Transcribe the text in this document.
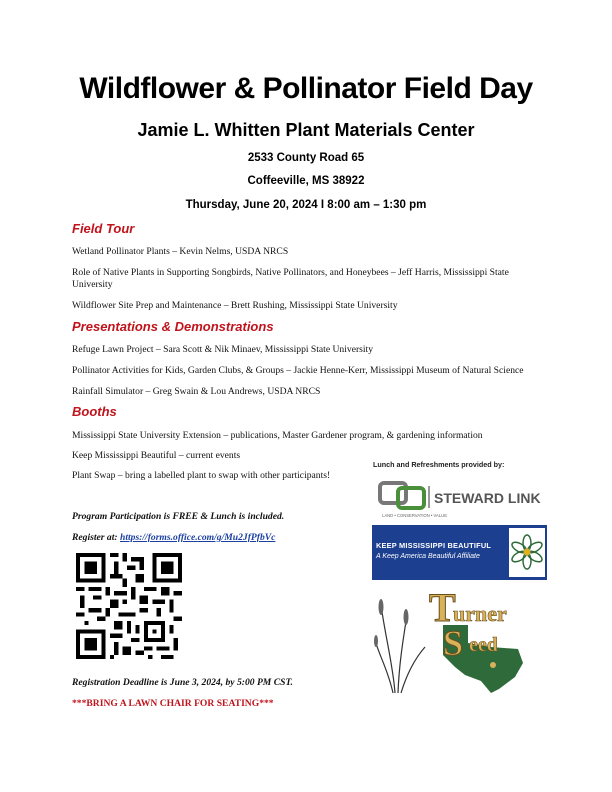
Wildflower & Pollinator Field Day
Jamie L. Whitten Plant Materials Center
2533 County Road 65
Coffeeville, MS 38922
Thursday, June 20, 2024 I 8:00 am – 1:30 pm
Field Tour
Wetland Pollinator Plants – Kevin Nelms, USDA NRCS
Role of Native Plants in Supporting Songbirds, Native Pollinators, and Honeybees – Jeff Harris, Mississippi State University
Wildflower Site Prep and Maintenance – Brett Rushing, Mississippi State University
Presentations & Demonstrations
Refuge Lawn Project – Sara Scott & Nik Minaev, Mississippi State University
Pollinator Activities for Kids, Garden Clubs, & Groups – Jackie Henne-Kerr, Mississippi Museum of Natural Science
Rainfall Simulator – Greg Swain & Lou Andrews, USDA NRCS
Booths
Mississippi State University Extension – publications, Master Gardener program, & gardening information
Keep Mississippi Beautiful – current events
Plant Swap – bring a labelled plant to swap with other participants!
Program Participation is FREE & Lunch is included.
Register at: https://forms.office.com/g/Mu2JfPfbVc
Registration Deadline is June 3, 2024, by 5:00 PM CST.
***BRING A LAWN CHAIR FOR SEATING***
Lunch and Refreshments provided by:
STEWARD LINK
LAND • CONSERVATION • VALUE
KEEP MISSISSIPPI BEAUTIFUL
A Keep America Beautiful Affiliate
T
urner
S eed
